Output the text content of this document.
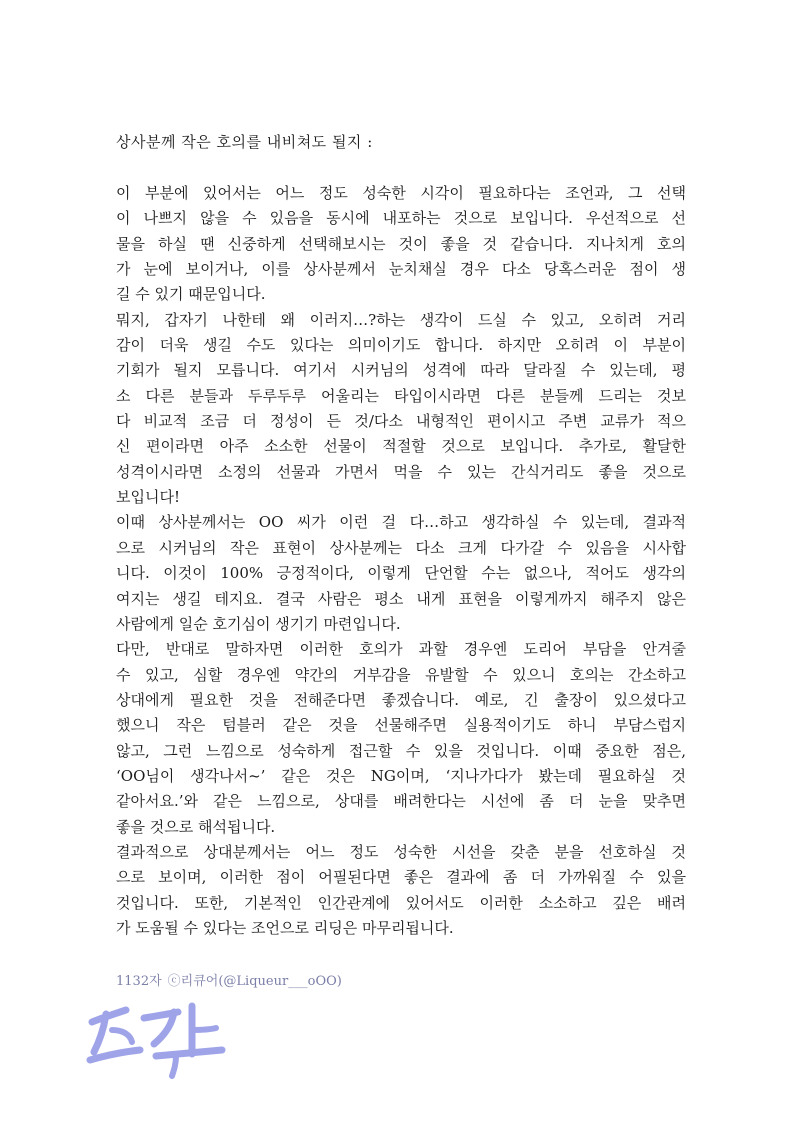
상사분께 작은 호의를 내비쳐도 될지 :
이 부분에 있어서는 어느 정도 성숙한 시각이 필요하다는 조언과, 그 선택
이 나쁘지 않을 수 있음을 동시에 내포하는 것으로 보입니다. 우선적으로 선
물을 하실 땐 신중하게 선택해보시는 것이 좋을 것 같습니다. 지나치게 호의
가 눈에 보이거나, 이를 상사분께서 눈치채실 경우 다소 당혹스러운 점이 생
길 수 있기 때문입니다.
뭐지, 갑자기 나한테 왜 이러지…?하는 생각이 드실 수 있고, 오히려 거리
감이 더욱 생길 수도 있다는 의미이기도 합니다. 하지만 오히려 이 부분이
기회가 될지 모릅니다. 여기서 시커님의 성격에 따라 달라질 수 있는데, 평
소 다른 분들과 두루두루 어울리는 타입이시라면 다른 분들께 드리는 것보
다 비교적 조금 더 정성이 든 것/다소 내형적인 편이시고 주변 교류가 적으
신 편이라면 아주 소소한 선물이 적절할 것으로 보입니다. 추가로, 활달한
성격이시라면 소정의 선물과 가면서 먹을 수 있는 간식거리도 좋을 것으로
보입니다!
이때 상사분께서는 OO 씨가 이런 걸 다…하고 생각하실 수 있는데, 결과적
으로 시커님의 작은 표현이 상사분께는 다소 크게 다가갈 수 있음을 시사합
니다. 이것이 100% 긍정적이다, 이렇게 단언할 수는 없으나, 적어도 생각의
여지는 생길 테지요. 결국 사람은 평소 내게 표현을 이렇게까지 해주지 않은
사람에게 일순 호기심이 생기기 마련입니다.
다만, 반대로 말하자면 이러한 호의가 과할 경우엔 도리어 부담을 안겨줄
수 있고, 심할 경우엔 약간의 거부감을 유발할 수 있으니 호의는 간소하고
상대에게 필요한 것을 전해준다면 좋겠습니다. 예로, 긴 출장이 있으셨다고
했으니 작은 텀블러 같은 것을 선물해주면 실용적이기도 하니 부담스럽지
않고, 그런 느낌으로 성숙하게 접근할 수 있을 것입니다. 이때 중요한 점은,
‘OO님이 생각나서~’ 같은 것은 NG이며, ‘지나가다가 봤는데 필요하실 것
같아서요.’와 같은 느낌으로, 상대를 배려한다는 시선에 좀 더 눈을 맞추면
좋을 것으로 해석됩니다.
결과적으로 상대분께서는 어느 정도 성숙한 시선을 갖춘 분을 선호하실 것
으로 보이며, 이러한 점이 어필된다면 좋은 결과에 좀 더 가까워질 수 있을
것입니다. 또한, 기본적인 인간관계에 있어서도 이러한 소소하고 깊은 배려
가 도움될 수 있다는 조언으로 리딩은 마무리됩니다.
1132자 ⓒ리큐어(@Liqueur___oOO)
